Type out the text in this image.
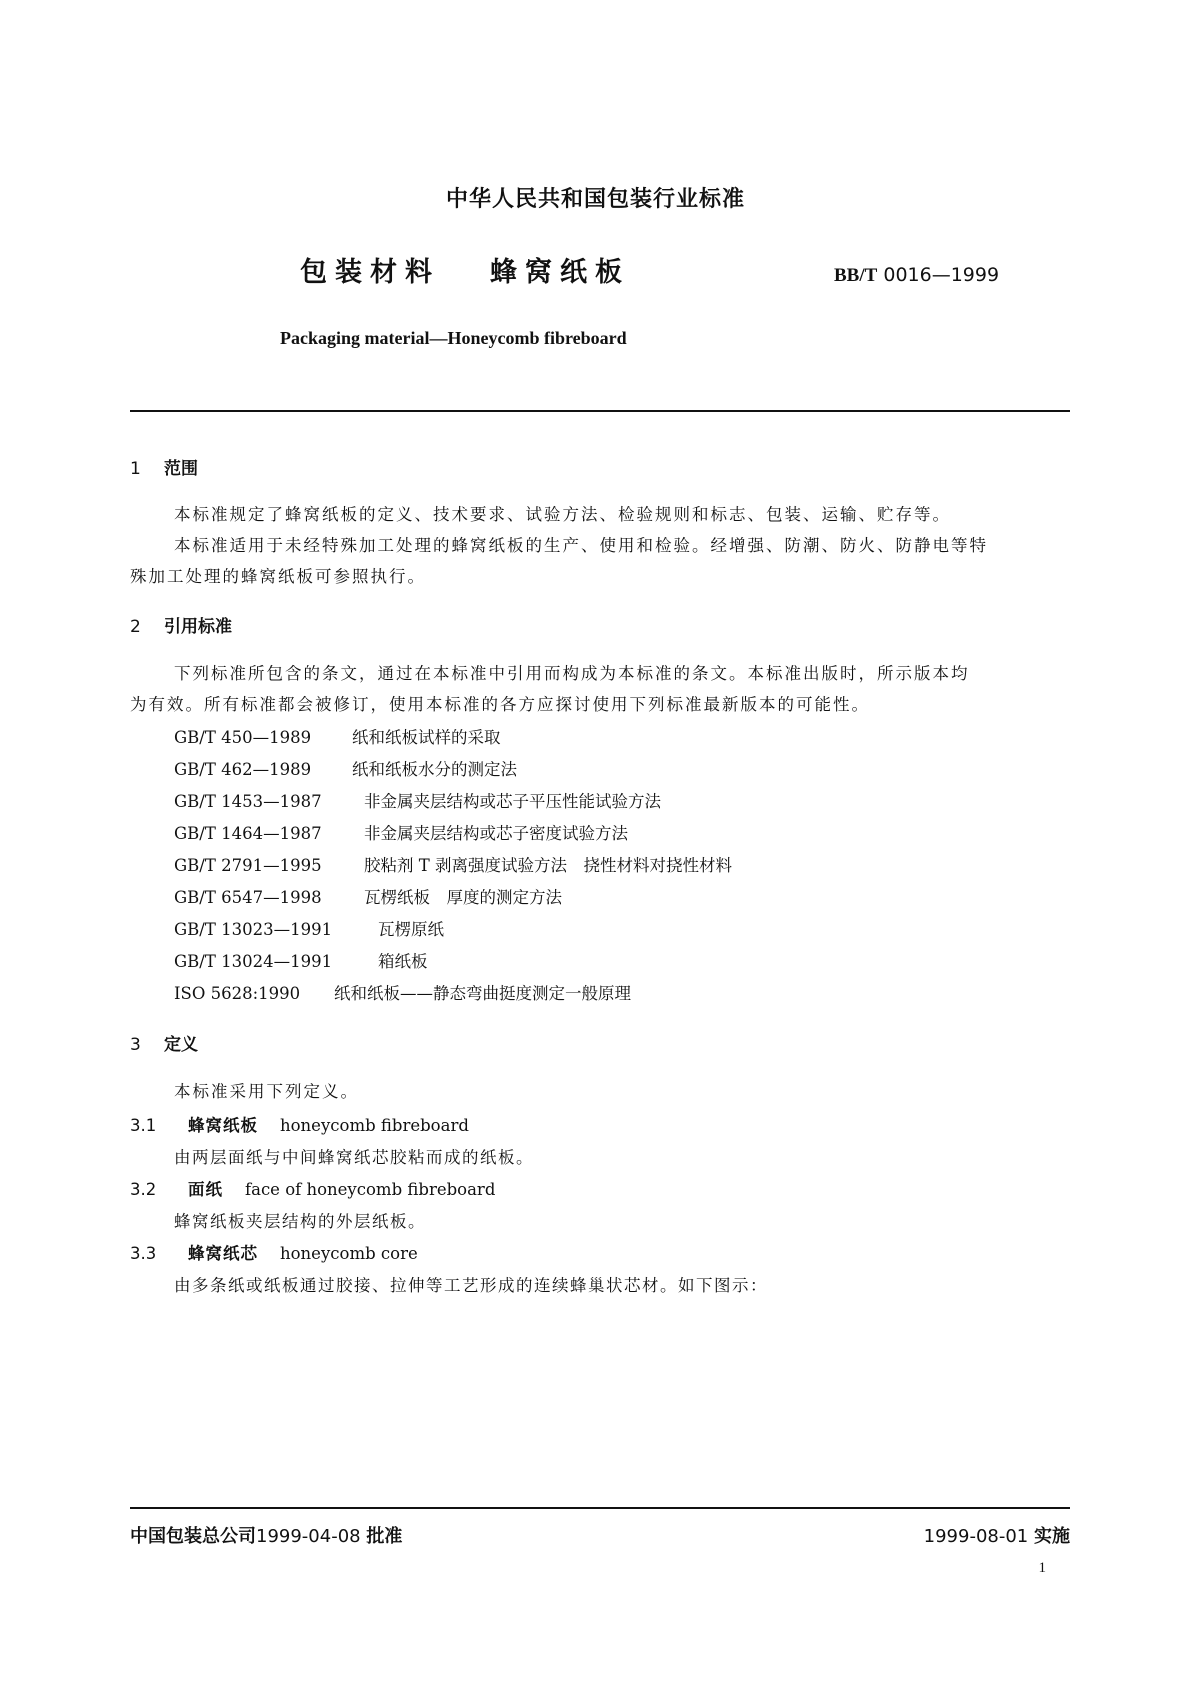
中华人民共和国包装行业标准
包装材料 蜂窝纸板	BB/T 0016—1999
Packaging material—Honeycomb fibreboard
1 范围
本标准规定了蜂窝纸板的定义、技术要求、试验方法、检验规则和标志、包装、运输、贮存等。
本标准适用于未经特殊加工处理的蜂窝纸板的生产、使用和检验。经增强、防潮、防火、防静电等特
殊加工处理的蜂窝纸板可参照执行。
2 引用标准
下列标准所包含的条文，通过在本标准中引用而构成为本标准的条文。本标准出版时，所示版本均
为有效。所有标准都会被修订，使用本标准的各方应探讨使用下列标准最新版本的可能性。
GB/T 450—1989 纸和纸板试样的采取
GB/T 462—1989 纸和纸板水分的测定法
GB/T 1453—1987	非金属夹层结构或芯子平压性能试验方法
GB/T 1464—1987	非金属夹层结构或芯子密度试验方法
GB/T 2791—1995	胶粘剂 T 剥离强度试验方法　挠性材料对挠性材料
GB/T 6547—1998	瓦楞纸板　厚度的测定方法
GB/T 13023—1991	瓦楞原纸
GB/T 13024—1991	箱纸板
ISO 5628:1990 纸和纸板——静态弯曲挺度测定一般原理
3 定义
本标准采用下列定义。
3.1 蜂窝纸板 honeycomb fibreboard
由两层面纸与中间蜂窝纸芯胶粘而成的纸板。
3.2 面纸 face of honeycomb fibreboard
蜂窝纸板夹层结构的外层纸板。
3.3 蜂窝纸芯 honeycomb core
由多条纸或纸板通过胶接、拉伸等工艺形成的连续蜂巢状芯材。如下图示：
中国包装总公司1999-04-08 批准	1999-08-01 实施
1
